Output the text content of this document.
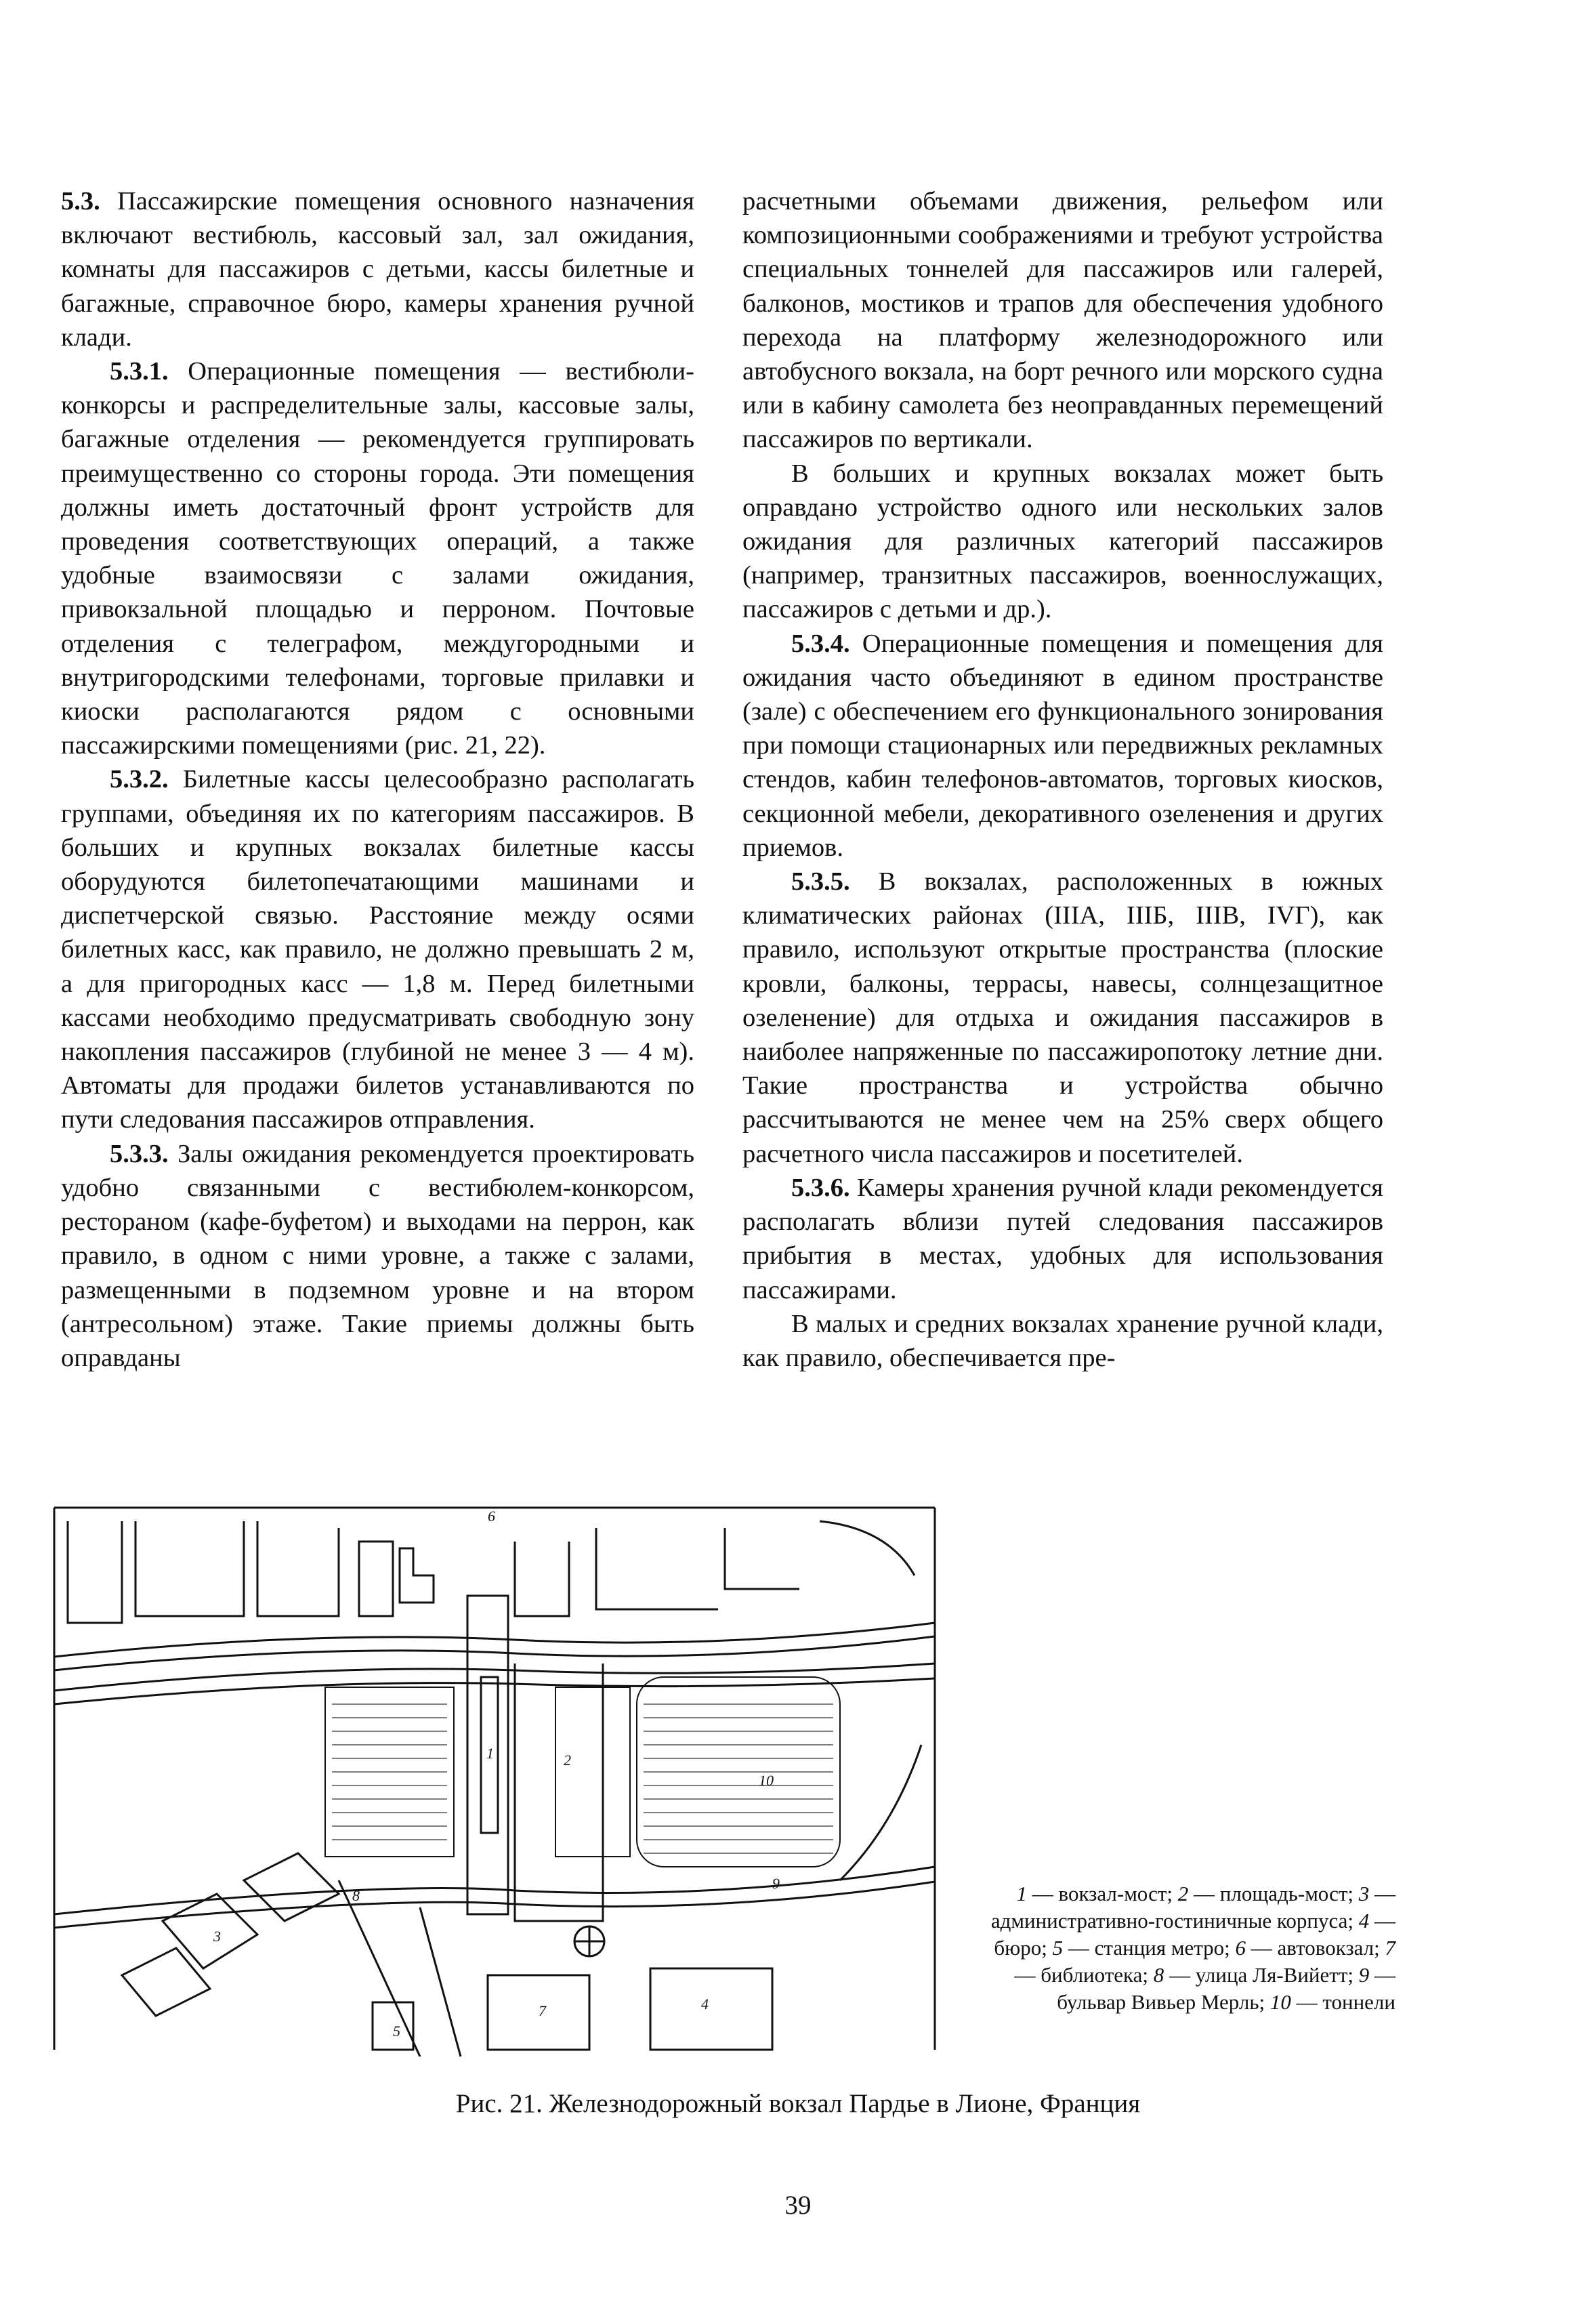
5.3. Пассажирские помещения основного назначения включают вестибюль, кассовый зал, зал ожидания, комнаты для пассажиров с детьми, кассы билетные и багажные, справочное бюро, камеры хранения ручной клади.

5.3.1. Операционные помещения — вестибюли-конкорсы и распределительные залы, кассовые залы, багажные отделения — рекомендуется группировать преимущественно со стороны города. Эти помещения должны иметь достаточный фронт устройств для проведения соответствующих операций, а также удобные взаимосвязи с залами ожидания, привокзальной площадью и перроном. Почтовые отделения с телеграфом, междугородными и внутригородскими телефонами, торговые прилавки и киоски располагаются рядом с основными пассажирскими помещениями (рис. 21, 22).

5.3.2. Билетные кассы целесообразно располагать группами, объединяя их по категориям пассажиров. В больших и крупных вокзалах билетные кассы оборудуются билетопечатающими машинами и диспетчерской связью. Расстояние между осями билетных касс, как правило, не должно превышать 2 м, а для пригородных касс — 1,8 м. Перед билетными кассами необходимо предусматривать свободную зону накопления пассажиров (глубиной не менее 3 — 4 м). Автоматы для продажи билетов устанавливаются по пути следования пассажиров отправления.

5.3.3. Залы ожидания рекомендуется проектировать удобно связанными с вестибюлем-конкорсом, рестораном (кафе-буфетом) и выходами на перрон, как правило, в одном с ними уровне, а также с залами, размещенными в подземном уровне и на втором (антресольном) этаже. Такие приемы должны быть оправданы

расчетными объемами движения, рельефом или композиционными соображениями и требуют устройства специальных тоннелей для пассажиров или галерей, балконов, мостиков и трапов для обеспечения удобного перехода на платформу железнодорожного или автобусного вокзала, на борт речного или морского судна или в кабину самолета без неоправданных перемещений пассажиров по вертикали.

В больших и крупных вокзалах может быть оправдано устройство одного или нескольких залов ожидания для различных категорий пассажиров (например, транзитных пассажиров, военнослужащих, пассажиров с детьми и др.).

5.3.4. Операционные помещения и помещения для ожидания часто объединяют в едином пространстве (зале) с обеспечением его функционального зонирования при помощи стационарных или передвижных рекламных стендов, кабин телефонов-автоматов, торговых киосков, секционной мебели, декоративного озеленения и других приемов.

5.3.5. В вокзалах, расположенных в южных климатических районах (IIIА, IIIБ, IIIВ, IVГ), как правило, используют открытые пространства (плоские кровли, балконы, террасы, навесы, солнцезащитное озеленение) для отдыха и ожидания пассажиров в наиболее напряженные по пассажиропотоку летние дни. Такие пространства и устройства обычно рассчитываются не менее чем на 25% сверх общего расчетного числа пассажиров и посетителей.

5.3.6. Камеры хранения ручной клади рекомендуется располагать вблизи путей следования пассажиров прибытия в местах, удобных для использования пассажирами.

В малых и средних вокзалах хранение ручной клади, как правило, обеспечивается пре-

1	2
3
4
5
6
7
8
9
10
1 — вокзал-мост; 2 — площадь-мост; 3 — административно-гостиничные корпуса; 4 — бюро; 5 — станция метро; 6 — автовокзал; 7 — библиотека; 8 — улица Ля-Вийетт; 9 — бульвар Вивьер Мерль; 10 — тоннели
Рис. 21. Железнодорожный вокзал Пардье в Лионе, Франция
39
